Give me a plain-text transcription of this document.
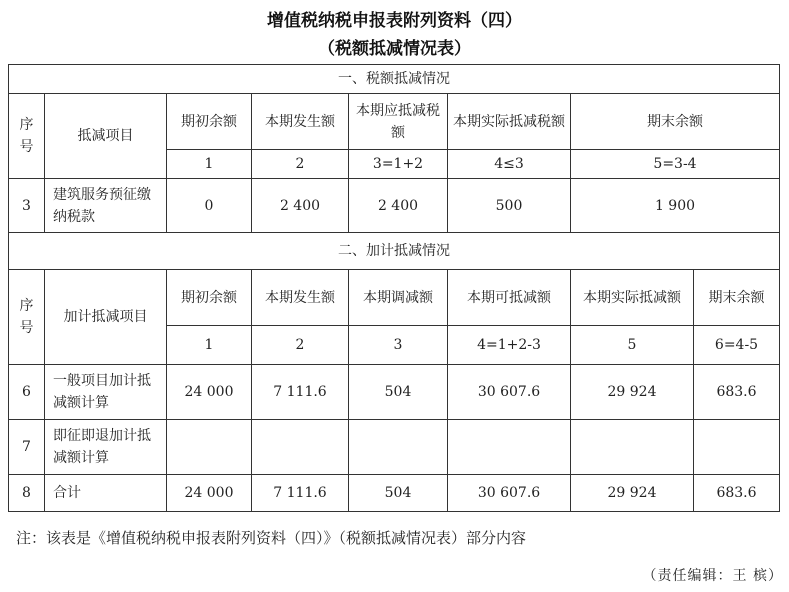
增值税纳税申报表附列资料（四）
（税额抵减情况表）
一、税额抵减情况							
序号	抵减项目	期初余额	本期发生额	本期应抵减税额	本期实际抵减税额	期末余额	
		1	2	3=1+2	4≤3	5=3-4	
3	建筑服务预征缴纳税款	0	2 400	2 400	500	1 900	
二、加计抵减情况							
序号	加计抵减项目	期初余额	本期发生额	本期调减额	本期可抵减额	本期实际抵减额	期末余额
		1	2	3	4=1+2-3	5	6=4-5
6	一般项目加计抵减额计算	24 000	7 111.6	504	30 607.6	29 924	683.6
7	即征即退加计抵减额计算						
8	合计	24 000	7 111.6	504	30 607.6	29 924	683.6
注：该表是《增值税纳税申报表附列资料（四）》（税额抵减情况表）部分内容
（责任编辑：王 槟）
